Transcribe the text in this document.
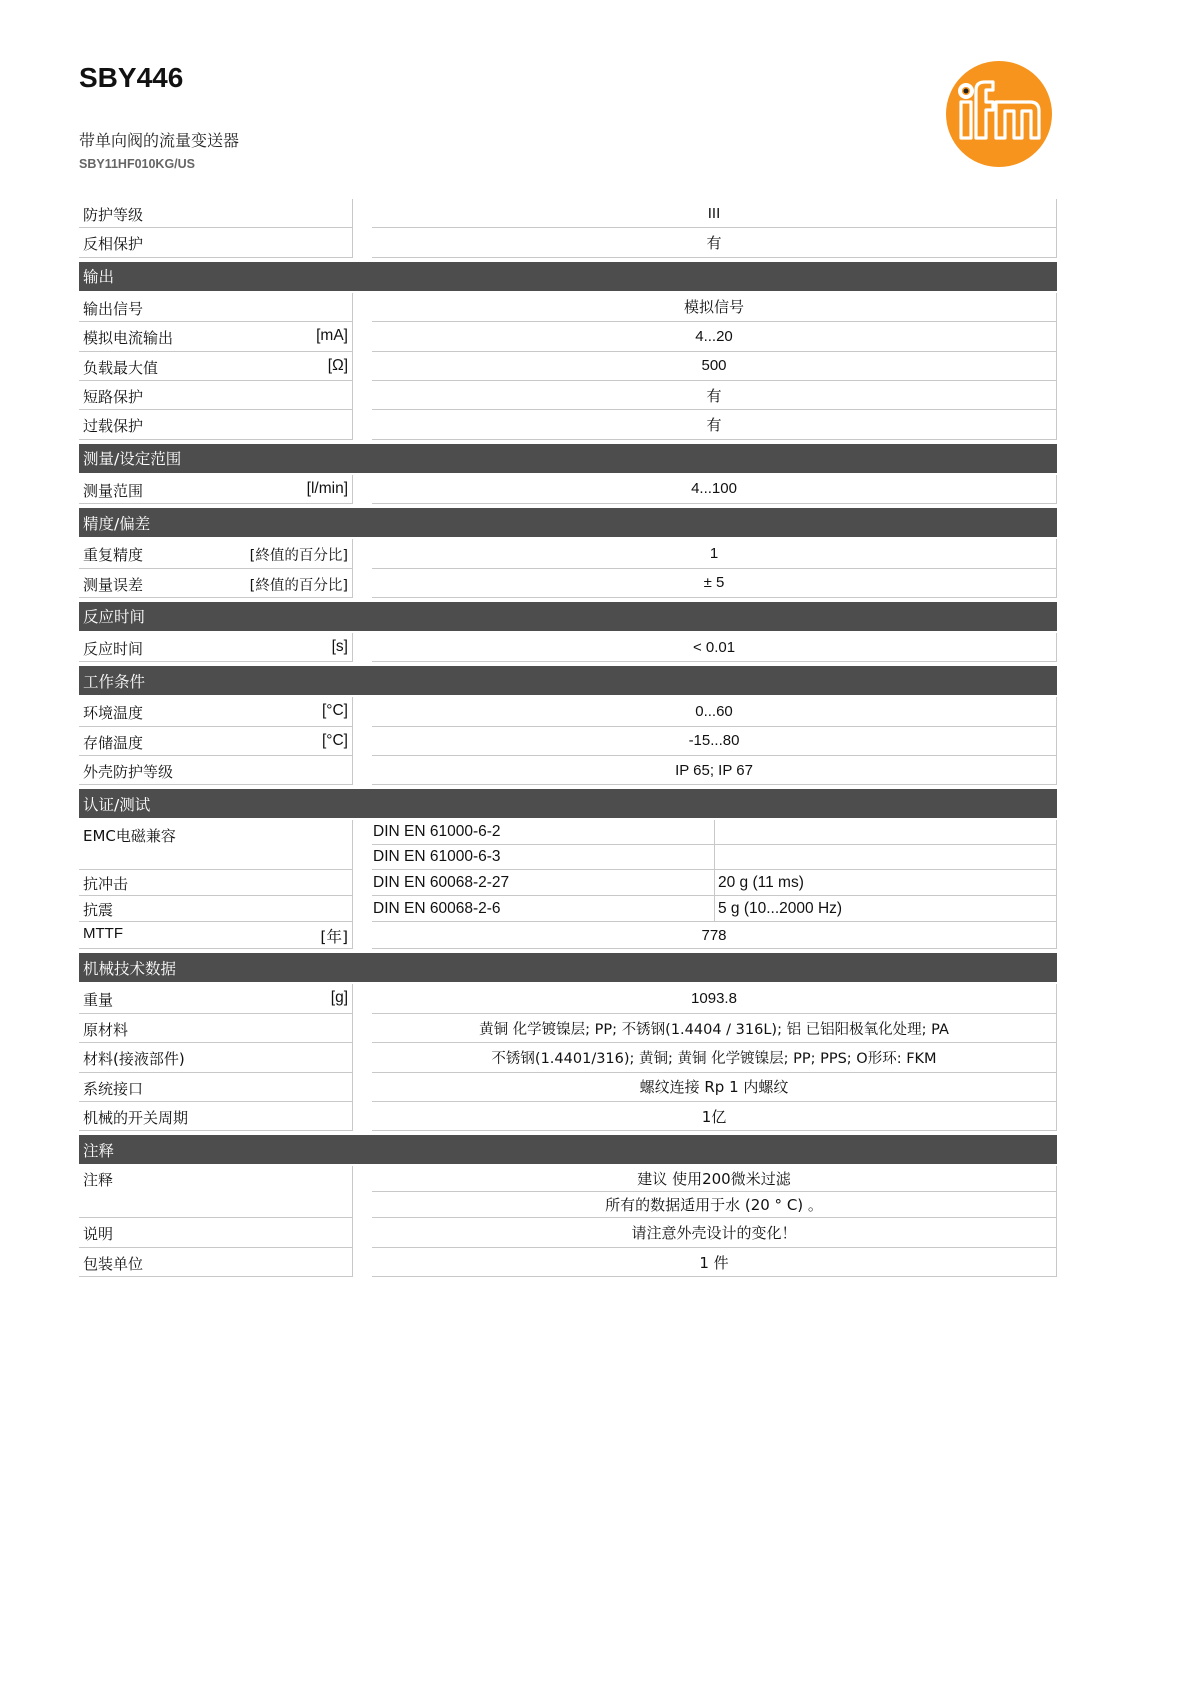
SBY446
带单向阀的流量变送器
SBY11HF010KG/US
防护等级	III
反相保护	有
输出
输出信号	模拟信号
模拟电流输出	[mA]	4...20
负载最大值	[Ω]	500
短路保护	有
过载保护	有
测量/设定范围
测量范围	[l/min]	4...100
精度/偏差
重复精度	[終值的百分比]	1
测量误差	[終值的百分比]	± 5
反应时间
反应时间	[s]	< 0.01
工作条件
环境温度	[°C]	0...60
存储温度	[°C]	-15...80
外壳防护等级	IP 65; IP 67
认证/测试
EMC电磁兼容	DIN EN 61000-6-2
DIN EN 61000-6-3
抗冲击	DIN EN 60068-2-27	20 g (11 ms)
抗震	DIN EN 60068-2-6	5 g (10...2000 Hz)
MTTF	[年]	778
机械技术数据
重量	[g]	1093.8
原材料	黄铜 化学镀镍层; PP; 不锈钢(1.4404 / 316L); 铝 已铝阳极氧化处理; PA
材料(接液部件)	不锈钢(1.4401/316); 黄铜; 黄铜 化学镀镍层; PP; PPS; O形环: FKM
系统接口	螺纹连接 Rp 1 内螺纹
机械的开关周期	1亿
注释
注释	建议 使用200微米过滤
所有的数据适用于水 (20 ° C) 。
说明	请注意外壳设计的变化！
包装单位	1 件
